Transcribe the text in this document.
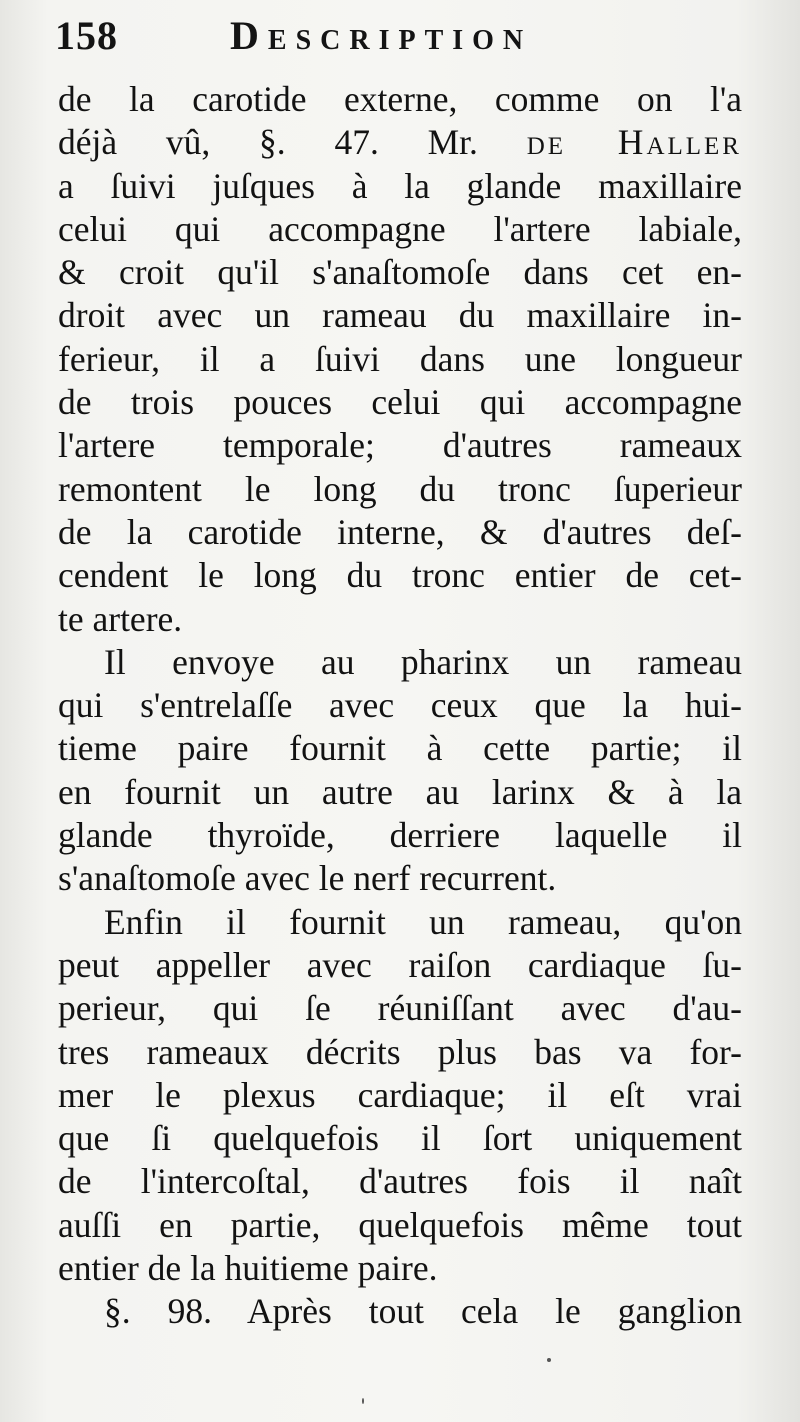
158	Description
de la carotide externe, comme on l'a
déjà vû, §. 47. Mr. de Haller
a ſuivi juſques à la glande maxillaire
celui qui accompagne l'artere labiale,
& croit qu'il s'anaſtomoſe dans cet en-
droit avec un rameau du maxillaire in-
ferieur, il a ſuivi dans une longueur
de trois pouces celui qui accompagne
l'artere temporale; d'autres rameaux
remontent le long du tronc ſuperieur
de la carotide interne, & d'autres deſ-
cendent le long du tronc entier de cet-
te artere.
Il envoye au pharinx un rameau
qui s'entrelaſſe avec ceux que la hui-
tieme paire fournit à cette partie; il
en fournit un autre au larinx & à la
glande thyroïde, derriere laquelle il
s'anaſtomoſe avec le nerf recurrent.
Enfin il fournit un rameau, qu'on
peut appeller avec raiſon cardiaque ſu-
perieur, qui ſe réuniſſant avec d'au-
tres rameaux décrits plus bas va for-
mer le plexus cardiaque; il eſt vrai
que ſi quelquefois il ſort uniquement
de l'intercoſtal, d'autres fois il naît
auſſi en partie, quelquefois même tout
entier de la huitieme paire.
§. 98. Après tout cela le ganglion
